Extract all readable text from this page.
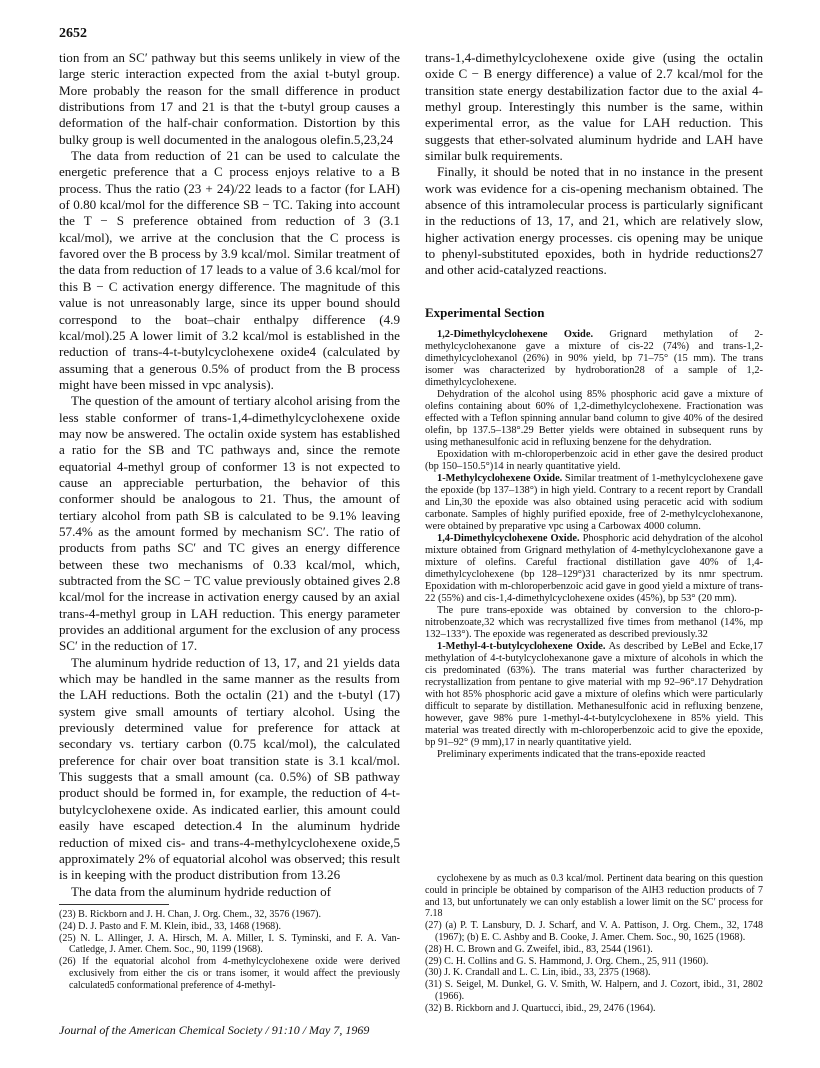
2652

tion from an SC′ pathway but this seems unlikely in view of the large steric interaction expected from the axial t-butyl group. More probably the reason for the small difference in product distributions from 17 and 21 is that the t-butyl group causes a deformation of the half-chair conformation. Distortion by this bulky group is well documented in the analogous olefin.5,23,24

The data from reduction of 21 can be used to calculate the energetic preference that a C process enjoys relative to a B process. Thus the ratio (23 + 24)/22 leads to a factor (for LAH) of 0.80 kcal/mol for the difference SB − TC. Taking into account the T − S preference obtained from reduction of 3 (3.1 kcal/mol), we arrive at the conclusion that the C process is favored over the B process by 3.9 kcal/mol. Similar treatment of the data from reduction of 17 leads to a value of 3.6 kcal/mol for this B − C activation energy difference. The magnitude of this value is not unreasonably large, since its upper bound should correspond to the boat–chair enthalpy difference (4.9 kcal/mol).25 A lower limit of 3.2 kcal/mol is established in the reduction of trans-4-t-butylcyclohexene oxide4 (calculated by assuming that a generous 0.5% of product from the B process might have been missed in vpc analysis).

The question of the amount of tertiary alcohol arising from the less stable conformer of trans-1,4-dimethylcyclohexene oxide may now be answered. The octalin oxide system has established a ratio for the SB and TC pathways and, since the remote equatorial 4-methyl group of conformer 13 is not expected to cause an appreciable perturbation, the behavior of this conformer should be analogous to 21. Thus, the amount of tertiary alcohol from path SB is calculated to be 9.1% leaving 57.4% as the amount formed by mechanism SC′. The ratio of products from paths SC′ and TC gives an energy difference between these two mechanisms of 0.33 kcal/mol, which, subtracted from the SC − TC value previously obtained gives 2.8 kcal/mol for the increase in activation energy caused by an axial trans-4-methyl group in LAH reduction. This energy parameter provides an additional argument for the exclusion of any process SC′ in the reduction of 17.

The aluminum hydride reduction of 13, 17, and 21 yields data which may be handled in the same manner as the results from the LAH reductions. Both the octalin (21) and the t-butyl (17) system give small amounts of tertiary alcohol. Using the previously determined value for preference for attack at secondary vs. tertiary carbon (0.75 kcal/mol), the calculated preference for chair over boat transition state is 3.1 kcal/mol. This suggests that a small amount (ca. 0.5%) of SB pathway product should be formed in, for example, the reduction of 4-t-butylcyclohexene oxide. As indicated earlier, this amount could easily have escaped detection.4 In the aluminum hydride reduction of mixed cis- and trans-4-methylcyclohexene oxide,5 approximately 2% of equatorial alcohol was observed; this result is in keeping with the product distribution from 13.26

The data from the aluminum hydride reduction of

trans-1,4-dimethylcyclohexene oxide give (using the octalin oxide C − B energy difference) a value of 2.7 kcal/mol for the transition state energy destabilization factor due to the axial 4-methyl group. Interestingly this number is the same, within experimental error, as the value for LAH reduction. This suggests that ether-solvated aluminum hydride and LAH have similar bulk requirements.

Finally, it should be noted that in no instance in the present work was evidence for a cis-opening mechanism obtained. The absence of this intramolecular process is particularly significant in the reductions of 13, 17, and 21, which are relatively slow, higher activation energy processes. cis opening may be unique to phenyl-substituted epoxides, both in hydride reductions27 and other acid-catalyzed reactions.

Experimental Section

1,2-Dimethylcyclohexene Oxide. Grignard methylation of 2-methylcyclohexanone gave a mixture of cis-22 (74%) and trans-1,2-dimethylcyclohexanol (26%) in 90% yield, bp 71–75° (15 mm). The trans isomer was characterized by hydroboration28 of a sample of 1,2-dimethylcyclohexene.

Dehydration of the alcohol using 85% phosphoric acid gave a mixture of olefins containing about 60% of 1,2-dimethylcyclohexene. Fractionation was effected with a Teflon spinning annular band column to give 40% of the desired olefin, bp 137.5–138°.29 Better yields were obtained in subsequent runs by using methanesulfonic acid in refluxing benzene for the dehydration.

Epoxidation with m-chloroperbenzoic acid in ether gave the desired product (bp 150–150.5°)14 in nearly quantitative yield.

1-Methylcyclohexene Oxide. Similar treatment of 1-methylcyclohexene gave the epoxide (bp 137–138°) in high yield. Contrary to a recent report by Crandall and Lin,30 the epoxide was also obtained using peracetic acid with sodium carbonate. Samples of highly purified epoxide, free of 2-methylcyclohexanone, were obtained by preparative vpc using a Carbowax 4000 column.

1,4-Dimethylcyclohexene Oxide. Phosphoric acid dehydration of the alcohol mixture obtained from Grignard methylation of 4-methylcyclohexanone gave a mixture of olefins. Careful fractional distillation gave 40% of 1,4-dimethylcyclohexene (bp 128–129°)31 characterized by its nmr spectrum. Epoxidation with m-chloroperbenzoic acid gave in good yield a mixture of trans-22 (55%) and cis-1,4-dimethylcyclohexene oxides (45%), bp 53° (20 mm).

The pure trans-epoxide was obtained by conversion to the chloro-p-nitrobenzoate,32 which was recrystallized five times from methanol (14%, mp 132–133°). The epoxide was regenerated as described previously.32

1-Methyl-4-t-butylcyclohexene Oxide. As described by LeBel and Ecke,17 methylation of 4-t-butylcyclohexanone gave a mixture of alcohols in which the cis predominated (63%). The trans material was further characterized by recrystallization from pentane to give material with mp 92–96°.17 Dehydration with hot 85% phosphoric acid gave a mixture of olefins which were particularly difficult to separate by distillation. Methanesulfonic acid in refluxing benzene, however, gave 98% pure 1-methyl-4-t-butylcyclohexene in 85% yield. This material was treated directly with m-chloroperbenzoic acid to give the epoxide, bp 91–92° (9 mm),17 in nearly quantitative yield.

Preliminary experiments indicated that the trans-epoxide reacted

(23) B. Rickborn and J. H. Chan, J. Org. Chem., 32, 3576 (1967).

(24) D. J. Pasto and F. M. Klein, ibid., 33, 1468 (1968).

(25) N. L. Allinger, J. A. Hirsch, M. A. Miller, I. S. Tyminski, and F. A. Van-Catledge, J. Amer. Chem. Soc., 90, 1199 (1968).

(26) If the equatorial alcohol from 4-methylcyclohexene oxide were derived exclusively from either the cis or trans isomer, it would affect the previously calculated5 conformational preference of 4-methyl-

cyclohexene by as much as 0.3 kcal/mol. Pertinent data bearing on this question could in principle be obtained by comparison of the AlH3 reduction products of 7 and 13, but unfortunately we can only establish a lower limit on the SC′ process for 7.18

(27) (a) P. T. Lansbury, D. J. Scharf, and V. A. Pattison, J. Org. Chem., 32, 1748 (1967); (b) E. C. Ashby and B. Cooke, J. Amer. Chem. Soc., 90, 1625 (1968).

(28) H. C. Brown and G. Zweifel, ibid., 83, 2544 (1961).

(29) C. H. Collins and G. S. Hammond, J. Org. Chem., 25, 911 (1960).

(30) J. K. Crandall and L. C. Lin, ibid., 33, 2375 (1968).

(31) S. Seigel, M. Dunkel, G. V. Smith, W. Halpern, and J. Cozort, ibid., 31, 2802 (1966).

(32) B. Rickborn and J. Quartucci, ibid., 29, 2476 (1964).

Journal of the American Chemical Society / 91:10 / May 7, 1969
